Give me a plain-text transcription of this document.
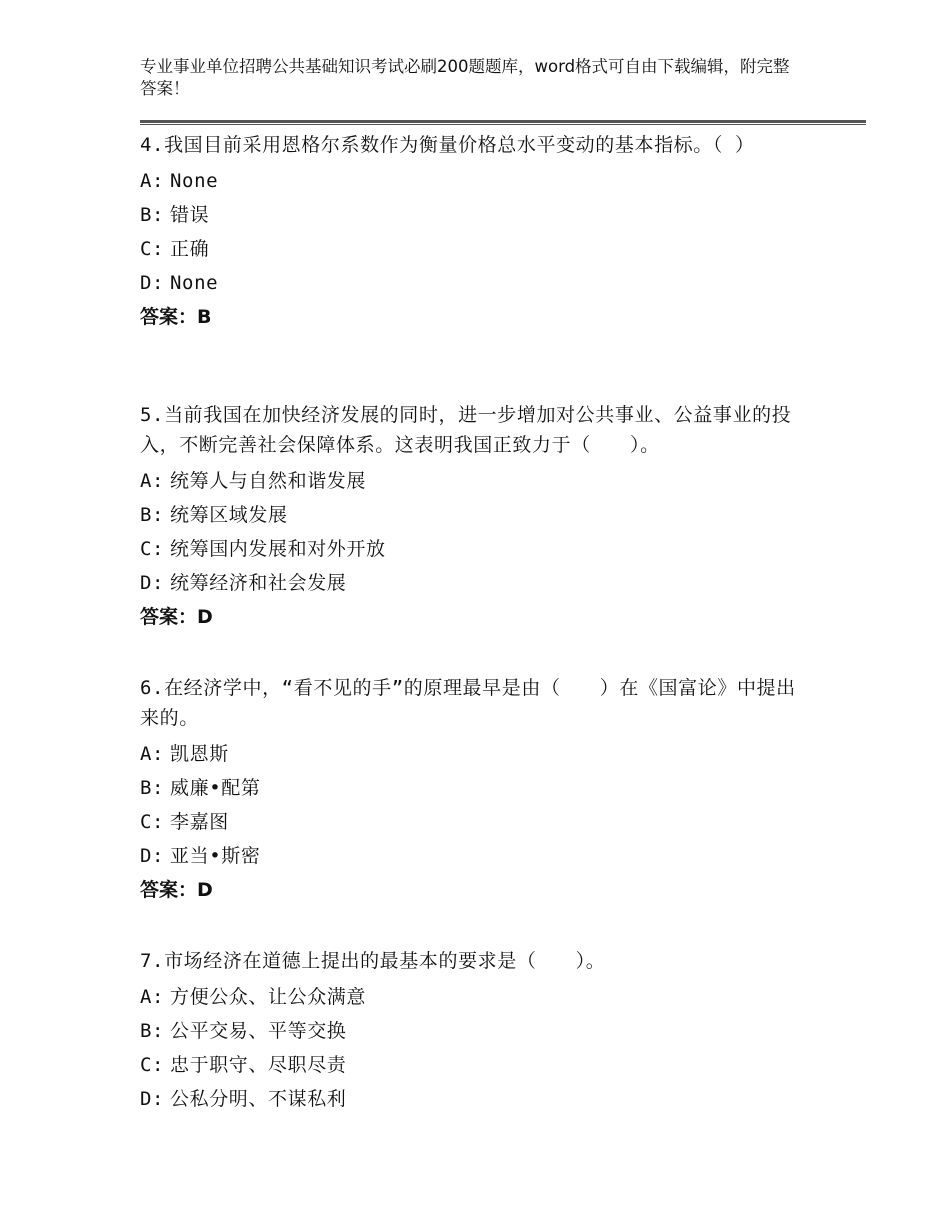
专业事业单位招聘公共基础知识考试必刷200题题库，word格式可自由下载编辑，附完整答案！
4.我国目前采用恩格尔系数作为衡量价格总水平变动的基本指标。（ ）
A: None
B: 错误
C: 正确
D: None
答案：B
5.当前我国在加快经济发展的同时，进一步增加对公共事业、公益事业的投入，不断完善社会保障体系。这表明我国正致力于（　　）。
A: 统筹人与自然和谐发展
B: 统筹区域发展
C: 统筹国内发展和对外开放
D: 统筹经济和社会发展
答案：D
6.在经济学中，“看不见的手”的原理最早是由（　　）在《国富论》中提出来的。
A: 凯恩斯
B: 威廉•配第
C: 李嘉图
D: 亚当•斯密
答案：D
7.市场经济在道德上提出的最基本的要求是（　　）。
A: 方便公众、让公众满意
B: 公平交易、平等交换
C: 忠于职守、尽职尽责
D: 公私分明、不谋私利
